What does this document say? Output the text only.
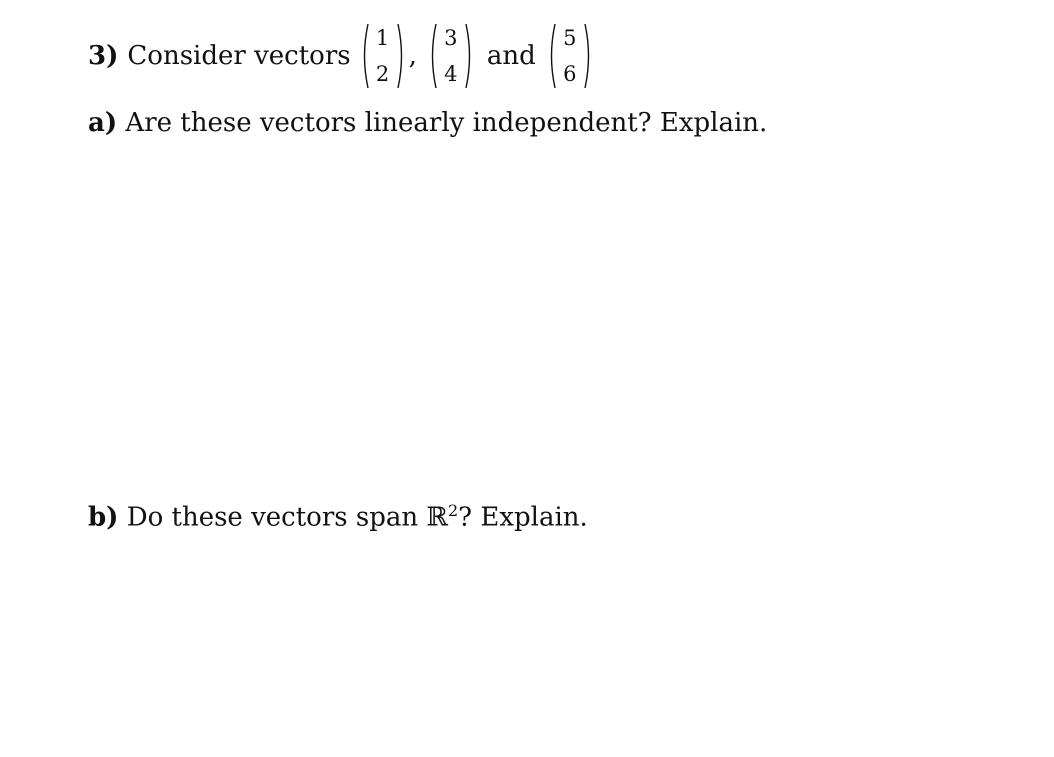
3) Consider vectors
1
2
,
3
4
and
5
6
a) Are these vectors linearly independent? Explain.
b) Do these vectors span ℝ$^2$? Explain.
